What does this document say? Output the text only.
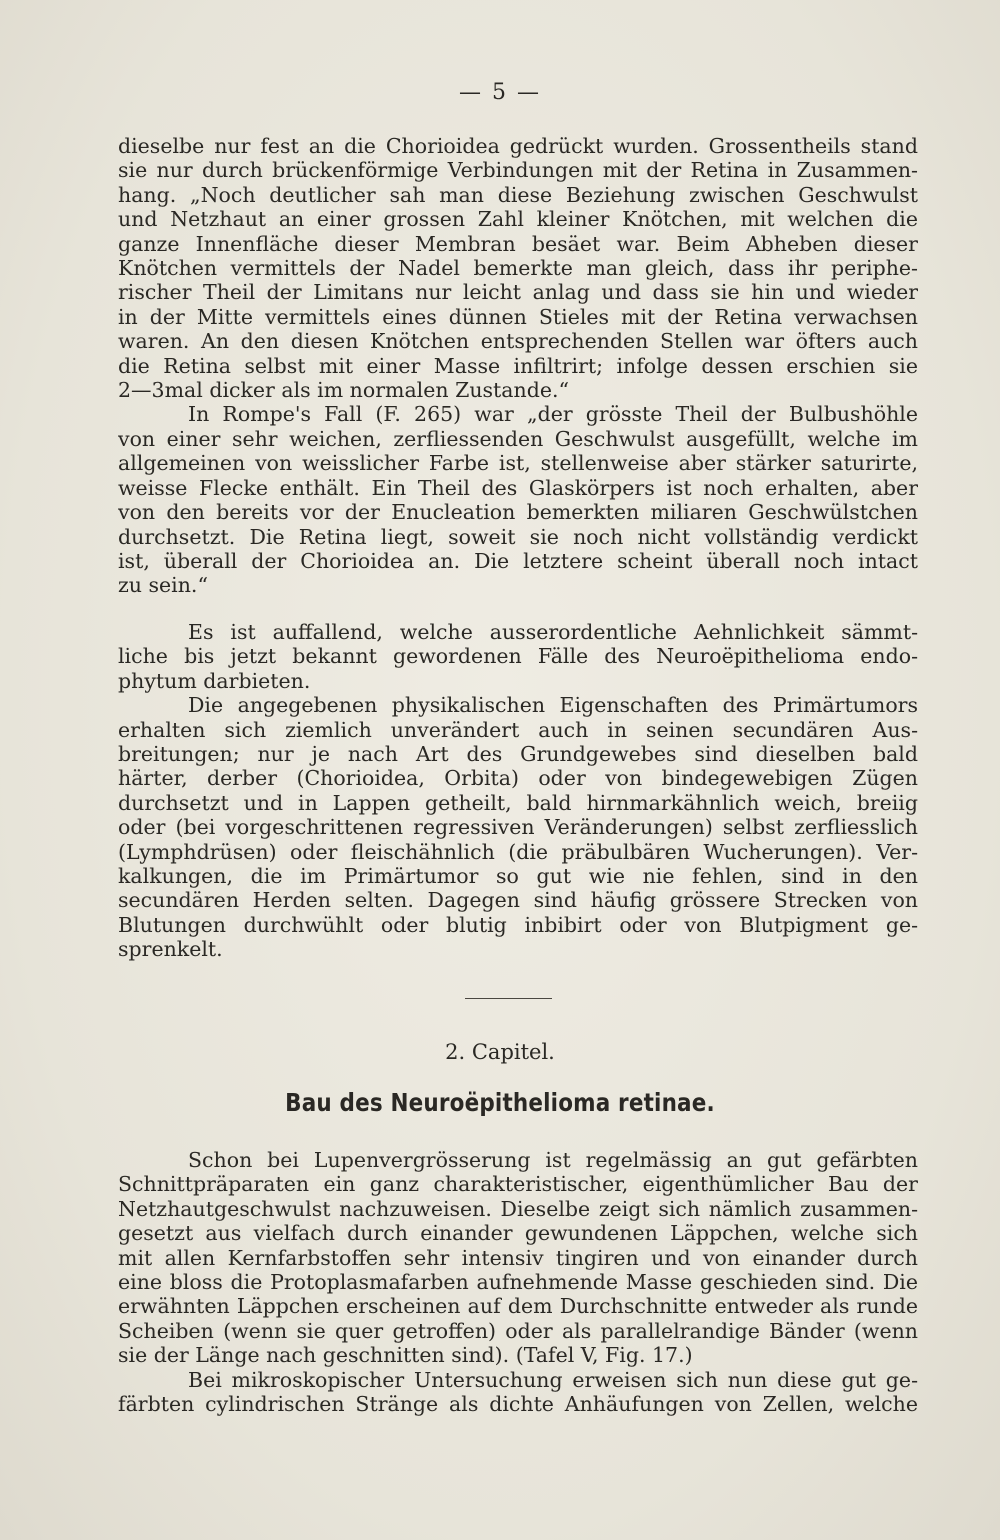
— 5 —
dieselbe nur fest an die Chorioidea gedrückt wurden. Grossentheils stand
sie nur durch brückenförmige Verbindungen mit der Retina in Zusammen-
hang. „Noch deutlicher sah man diese Beziehung zwischen Geschwulst
und Netzhaut an einer grossen Zahl kleiner Knötchen, mit welchen die
ganze Innenfläche dieser Membran besäet war. Beim Abheben dieser
Knötchen vermittels der Nadel bemerkte man gleich, dass ihr periphe-
rischer Theil der Limitans nur leicht anlag und dass sie hin und wieder
in der Mitte vermittels eines dünnen Stieles mit der Retina verwachsen
waren. An den diesen Knötchen entsprechenden Stellen war öfters auch
die Retina selbst mit einer Masse infiltrirt; infolge dessen erschien sie
2—3mal dicker als im normalen Zustande.“
In Rompe's Fall (F. 265) war „der grösste Theil der Bulbushöhle
von einer sehr weichen, zerfliessenden Geschwulst ausgefüllt, welche im
allgemeinen von weisslicher Farbe ist, stellenweise aber stärker saturirte,
weisse Flecke enthält. Ein Theil des Glaskörpers ist noch erhalten, aber
von den bereits vor der Enucleation bemerkten miliaren Geschwülstchen
durchsetzt. Die Retina liegt, soweit sie noch nicht vollständig verdickt
ist, überall der Chorioidea an. Die letztere scheint überall noch intact
zu sein.“
Es ist auffallend, welche ausserordentliche Aehnlichkeit sämmt-
liche bis jetzt bekannt gewordenen Fälle des Neuroëpithelioma endo-
phytum darbieten.
Die angegebenen physikalischen Eigenschaften des Primärtumors
erhalten sich ziemlich unverändert auch in seinen secundären Aus-
breitungen; nur je nach Art des Grundgewebes sind dieselben bald
härter, derber (Chorioidea, Orbita) oder von bindegewebigen Zügen
durchsetzt und in Lappen getheilt, bald hirnmarkähnlich weich, breiig
oder (bei vorgeschrittenen regressiven Veränderungen) selbst zerfliesslich
(Lymphdrüsen) oder fleischähnlich (die präbulbären Wucherungen). Ver-
kalkungen, die im Primärtumor so gut wie nie fehlen, sind in den
secundären Herden selten. Dagegen sind häufig grössere Strecken von
Blutungen durchwühlt oder blutig inbibirt oder von Blutpigment ge-
sprenkelt.
2. Capitel.
Bau des Neuroëpithelioma retinae.
Schon bei Lupenvergrösserung ist regelmässig an gut gefärbten
Schnittpräparaten ein ganz charakteristischer, eigenthümlicher Bau der
Netzhautgeschwulst nachzuweisen. Dieselbe zeigt sich nämlich zusammen-
gesetzt aus vielfach durch einander gewundenen Läppchen, welche sich
mit allen Kernfarbstoffen sehr intensiv tingiren und von einander durch
eine bloss die Protoplasmafarben aufnehmende Masse geschieden sind. Die
erwähnten Läppchen erscheinen auf dem Durchschnitte entweder als runde
Scheiben (wenn sie quer getroffen) oder als parallelrandige Bänder (wenn
sie der Länge nach geschnitten sind). (Tafel V, Fig. 17.)
Bei mikroskopischer Untersuchung erweisen sich nun diese gut ge-
färbten cylindrischen Stränge als dichte Anhäufungen von Zellen, welche
